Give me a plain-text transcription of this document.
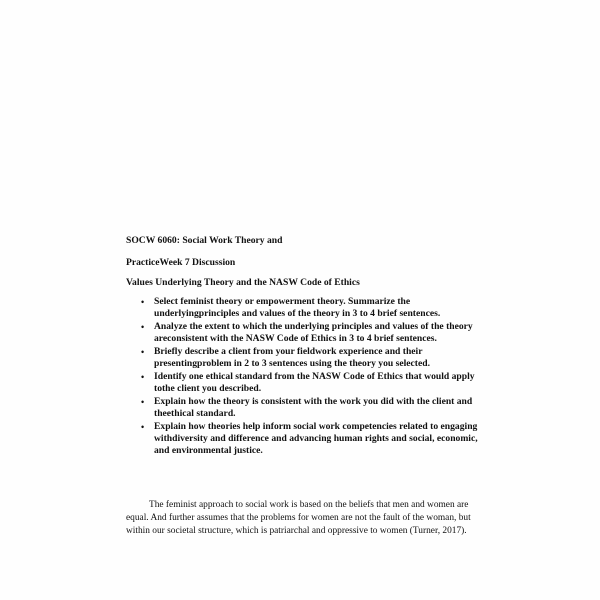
SOCW 6060: Social Work Theory and
PracticeWeek 7 Discussion
Values Underlying Theory and the NASW Code of Ethics
• Select feminist theory or empowerment theory. Summarize the
underlyingprinciples and values of the theory in 3 to 4 brief sentences.
• Analyze the extent to which the underlying principles and values of the theory
areconsistent with the NASW Code of Ethics in 3 to 4 brief sentences.
• Briefly describe a client from your fieldwork experience and their
presentingproblem in 2 to 3 sentences using the theory you selected.
• Identify one ethical standard from the NASW Code of Ethics that would apply
tothe client you described.
• Explain how the theory is consistent with the work you did with the client and
theethical standard.
• Explain how theories help inform social work competencies related to engaging
withdiversity and difference and advancing human rights and social, economic,
and environmental justice.
The feminist approach to social work is based on the beliefs that men and women are
equal. And further assumes that the problems for women are not the fault of the woman, but
within our societal structure, which is patriarchal and oppressive to women (Turner, 2017).
